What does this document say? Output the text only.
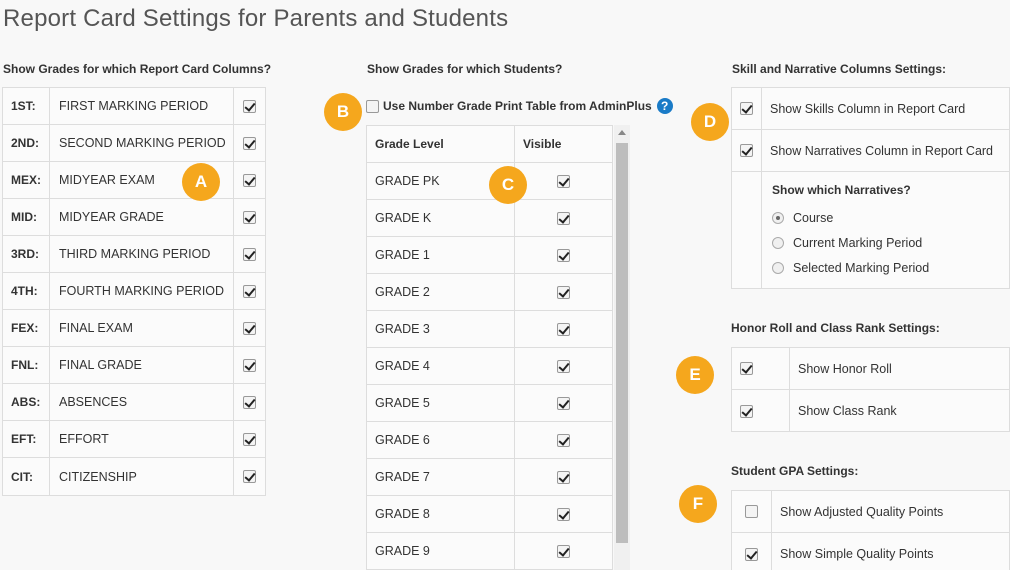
Report Card Settings for Parents and Students
Show Grades for which Report Card Columns?
1ST:	FIRST MARKING PERIOD
2ND:	SECOND MARKING PERIOD
MEX:	MIDYEAR EXAM
MID:	MIDYEAR GRADE
3RD:	THIRD MARKING PERIOD
4TH:	FOURTH MARKING PERIOD
FEX:	FINAL EXAM
FNL:	FINAL GRADE
ABS:	ABSENCES
EFT:	EFFORT
CIT:	CITIZENSHIP
Show Grades for which Students?
Use Number Grade Print Table from AdminPlus ?
Grade Level	Visible
GRADE PK
GRADE K
GRADE 1
GRADE 2
GRADE 3
GRADE 4
GRADE 5
GRADE 6
GRADE 7
GRADE 8
GRADE 9
Skill and Narrative Columns Settings:
Show Skills Column in Report Card
Show Narratives Column in Report Card
Show which Narratives?
Course
Current Marking Period
Selected Marking Period
Honor Roll and Class Rank Settings:
Show Honor Roll
Show Class Rank
Student GPA Settings:
Show Adjusted Quality Points
Show Simple Quality Points
A
B
C
D
E
F
